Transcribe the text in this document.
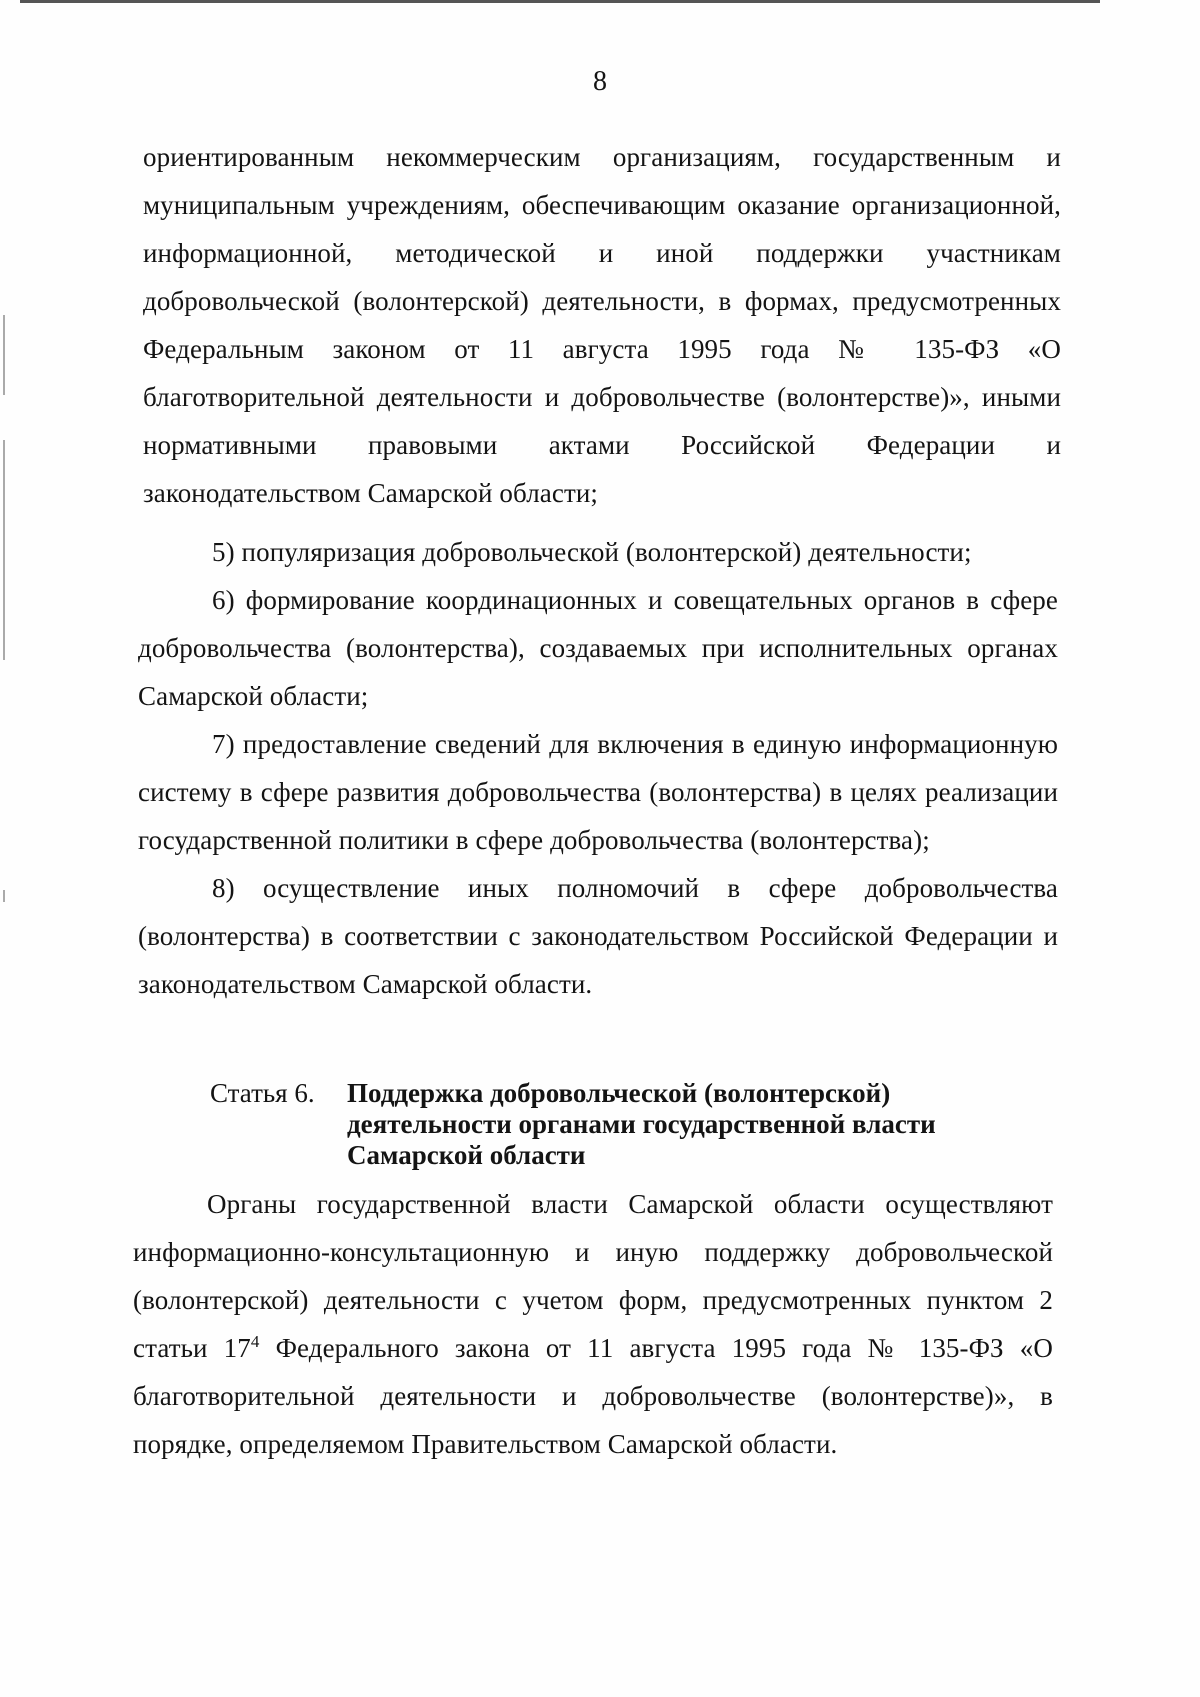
8

ориентированным некоммерческим организациям, государственным и муниципальным учреждениям, обеспечивающим оказание организационной, информационной, методической и иной поддержки участникам добровольческой (волонтерской) деятельности, в формах, предусмотренных Федеральным законом от 11 августа 1995 года № 135-ФЗ «О благотворительной деятельности и добровольчестве (волонтерстве)», иными нормативными правовыми актами Российской Федерации и законодательством Самарской области;

5) популяризация добровольческой (волонтерской) деятельности;

6) формирование координационных и совещательных органов в сфере добровольчества (волонтерства), создаваемых при исполнительных органах Самарской области;

7) предоставление сведений для включения в единую информационную систему в сфере развития добровольчества (волонтерства) в целях реализации государственной политики в сфере добровольчества (волонтерства);

8) осуществление иных полномочий в сфере добровольчества (волонтерства) в соответствии с законодательством Российской Федерации и законодательством Самарской области.

Статья 6.	Поддержка добровольческой (волонтерской) деятельности органами государственной власти Самарской области

Органы государственной власти Самарской области осуществляют информационно-консультационную и иную поддержку добровольческой (волонтерской) деятельности с учетом форм, предусмотренных пунктом 2 статьи $17^4$ Федерального закона от 11 августа 1995 года № 135-ФЗ «О благотворительной деятельности и добровольчестве (волонтерстве)», в порядке, определяемом Правительством Самарской области.
